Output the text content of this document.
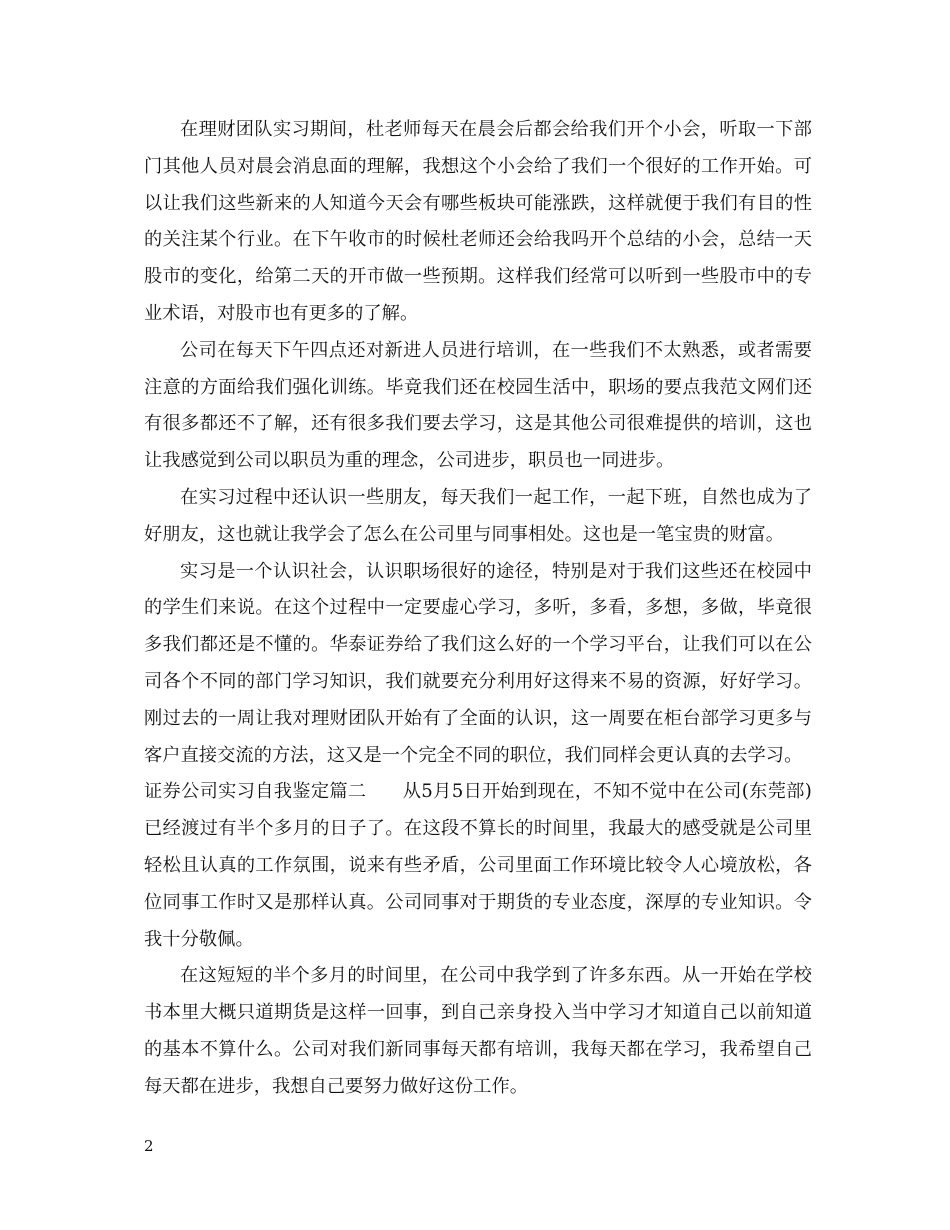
在理财团队实习期间，杜老师每天在晨会后都会给我们开个小会，听取一下部门其他人员对晨会消息面的理解，我想这个小会给了我们一个很好的工作开始。可以让我们这些新来的人知道今天会有哪些板块可能涨跌，这样就便于我们有目的性的关注某个行业。在下午收市的时候杜老师还会给我吗开个总结的小会，总结一天股市的变化，给第二天的开市做一些预期。这样我们经常可以听到一些股市中的专业术语，对股市也有更多的了解。

公司在每天下午四点还对新进人员进行培训，在一些我们不太熟悉，或者需要注意的方面给我们强化训练。毕竟我们还在校园生活中，职场的要点我范文网们还有很多都还不了解，还有很多我们要去学习，这是其他公司很难提供的培训，这也让我感觉到公司以职员为重的理念，公司进步，职员也一同进步。

在实习过程中还认识一些朋友，每天我们一起工作，一起下班，自然也成为了好朋友，这也就让我学会了怎么在公司里与同事相处。这也是一笔宝贵的财富。

实习是一个认识社会，认识职场很好的途径，特别是对于我们这些还在校园中的学生们来说。在这个过程中一定要虚心学习，多听，多看，多想，多做，毕竟很多我们都还是不懂的。华泰证券给了我们这么好的一个学习平台，让我们可以在公司各个不同的部门学习知识，我们就要充分利用好这得来不易的资源，好好学习。刚过去的一周让我对理财团队开始有了全面的认识，这一周要在柜台部学习更多与客户直接交流的方法，这又是一个完全不同的职位，我们同样会更认真的去学习。

证券公司实习自我鉴定篇二 从5月5日开始到现在，不知不觉中在公司(东莞部)已经渡过有半个多月的日子了。在这段不算长的时间里，我最大的感受就是公司里轻松且认真的工作氛围，说来有些矛盾，公司里面工作环境比较令人心境放松，各位同事工作时又是那样认真。公司同事对于期货的专业态度，深厚的专业知识。令我十分敬佩。

在这短短的半个多月的时间里，在公司中我学到了许多东西。从一开始在学校书本里大概只道期货是这样一回事，到自己亲身投入当中学习才知道自己以前知道的基本不算什么。公司对我们新同事每天都有培训，我每天都在学习，我希望自己每天都在进步，我想自己要努力做好这份工作。

2
